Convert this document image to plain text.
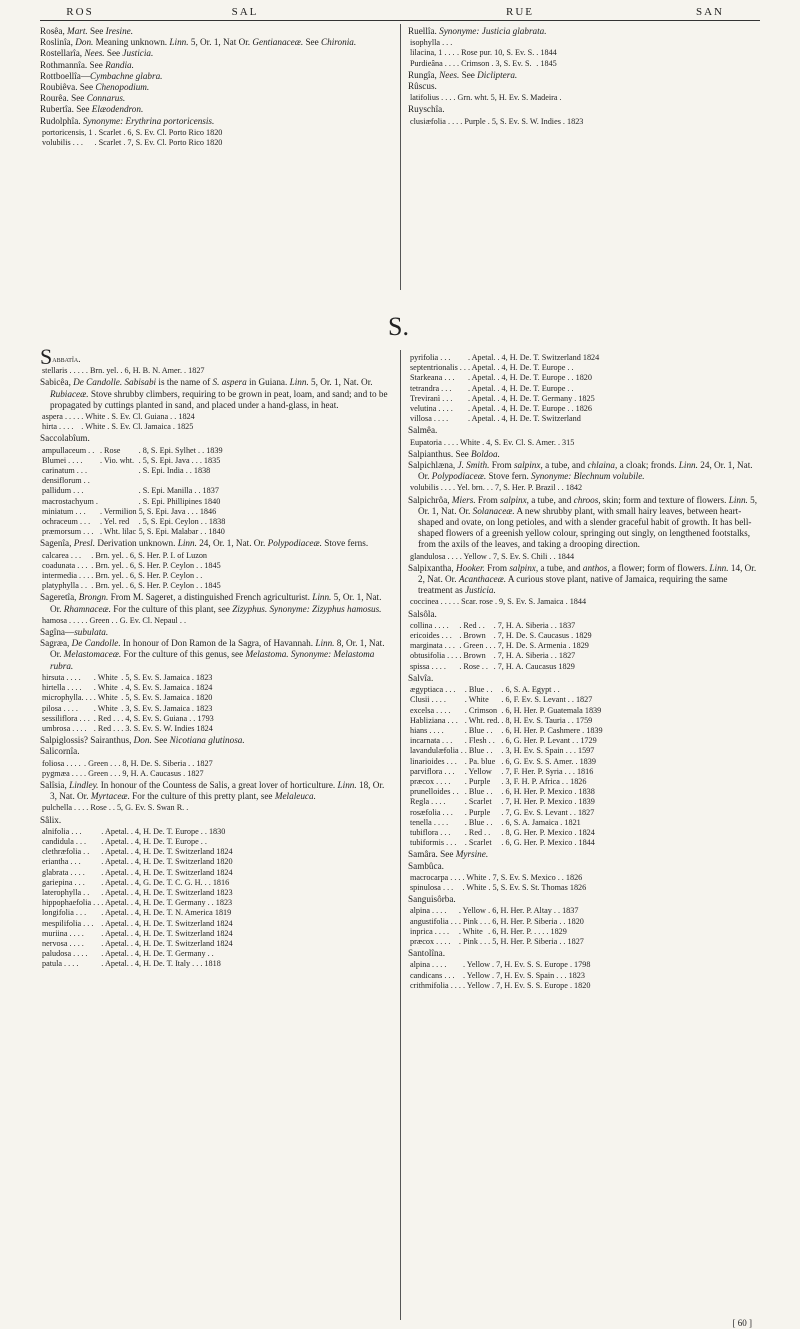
ROS	SAL	RUE	SAN

Rosêa, Mart. See Iresine.

Roslinîa, Don. Meaning unknown. Linn. 5, Or. 1, Nat Or. Gentianaceæ. See Chironia.

Rostellarîa, Nees. See Justicia.

Rothmannîa. See Randia.

Rottboellîa—Cymbachne glabra.

Roubiêva. See Chenopodium.

Rourêa. See Connarus.

Rubertîa. See Elæodendron.

Rudolphîa. Synonyme: Erythrina portoricensis.

portoricensis, 1	. Scarlet	. 6, S. Ev. Cl. Porto Rico 1820
volubilis . . .	. Scarlet	. 7, S. Ev. Cl. Porto Rico 1820

Ruellîa. Synonyme: Justicia glabrata.

isophylla . . .		
lilacina, 1 . . .	. Rose pur. 10, S. Ev. S.	. 1844
Purdieâna . . .	. Crimson . 3, S. Ev. S.	. 1845

Rungîa, Nees. See Dicliptera.

Rûscus.

latifolius . . .	. Grn. wht. 5, H. Ev. S. Madeira	.

Ruyschîa.

clusiæfolia . . .	. Purple . 5, S. Ev. S. W. Indies	. 1823
S.

Sabbatîa.

stellaris . . . .	. Brn. yel. . 6, H.	B. N. Amer. . 1827

Sabicêa, De Candolle. Sabisabi is the name of S. aspera in Guiana. Linn. 5, Or. 1, Nat. Or. Rubiaceæ. Stove shrubby climbers, requiring to be grown in peat, loam, and sand; and to be propagated by cuttings planted in sand, and placed under a hand-glass, in heat.

aspera . . . .	. White	. S. Ev. Cl. Guiana . . 1824
hirta . . . .	. White	. S. Ev. Cl. Jamaica . 1825

Saccolabîum.

ampullaceum . .	. Rose	. 8, S. Epi. Sylhet . . 1839
Blumei . . . .	. Vio. wht.	. 5, S. Epi. Java . . . 1835
carinatum . . .		. S. Epi. India . . 1838
densiflorum . .		
pallidum . . .		. S. Epi. Manilla . . 1837
macrostachyum .		. S. Epi. Phillipines 1840
miniatum . . .	. Vermilion	5, S. Epi. Java . . . 1846
ochraceum . . .	. Yel. red	. 5, S. Epi. Ceylon . . 1838
præmorsum . . .	. Wht. lilac	5, S. Epi. Malabar . . 1840

Sagenîa, Presl. Derivation unknown. Linn. 24, Or. 1, Nat. Or. Polypodiaceæ. Stove ferns.

calcarea . . .	. Brn. yel.	. 6, S. Her. P. I. of Luzon
coadunata . . .	. Brn. yel.	. 6, S. Her. P. Ceylon . . 1845
intermedia . . .	. Brn. yel.	. 6, S. Her. P. Ceylon . .
platyphylla . .	. Brn. yel.	. 6, S. Her. P. Ceylon . . 1845

Sageretîa, Brongn. From M. Sageret, a distinguished French agriculturist. Linn. 5, Or. 1, Nat. Or. Rhamnaceæ. For the culture of this plant, see Zizyphus. Synonyme: Zizyphus hamosus.

hamosa . . . .	. Green . .	G. Ev. Cl. Nepaul . .

Sagîna—subulata.

Sagræa, De Candolle. In honour of Don Ramon de la Sagra, of Havannah. Linn. 8, Or. 1, Nat. Or. Melastomaceæ. For the culture of this genus, see Melastoma. Synonyme: Melastoma rubra.

hirsuta . . . .	. White	. 5, S. Ev. S. Jamaica . 1823
hirtella . . . .	. White	. 4, S. Ev. S. Jamaica . 1824
microphylla. . .	. White	. 5, S. Ev. S. Jamaica . 1820
pilosa . . . .	. White	. 3, S. Ev. S. Jamaica . 1823
sessiliflora . . .	. Red . .	. 4, S. Ev. S. Guiana . . 1793
umbrosa . . . .	. Red . .	. 3. S. Ev. S. W. Indies 1824

Salpiglossis? Sairanthus, Don. See Nicotiana glutinosa.

Salicornîa.

foliosa . . . .	. Green . .	. 8, H. De. S. Siberia . . 1827
pygmæa . . .	. Green . .	. 9, H. A. Caucasus . 1827

Salîsia, Lindley. In honour of the Countess de Salis, a great lover of horticulture. Linn. 18, Or. 3, Nat. Or. Myrtaceæ. For the culture of this pretty plant, see Melaleuca.

pulchella . . .	. Rose .	. 5, G. Ev. S. Swan R. .

Sâlix.

alnifolia . . .	. Apetal.	. 4, H. De. T. Europe . . 1830
candidula . . .	. Apetal.	. 4, H. De. T. Europe . .
clethræfolia . .	. Apetal.	. 4, H. De. T. Switzerland 1824
eriantha . . .	. Apetal.	. 4, H. De. T. Switzerland 1820
glabrata . . . .	. Apetal.	. 4, H. De. T. Switzerland 1824
gariepina . . .	. Apetal.	. 4, G. De. T. C. G. H. . . 1816
laterophylla . .	. Apetal.	. 4, H. De. T. Switzerland 1823
hippophaefolia . .	. Apetal.	. 4, H. De. T. Germany . . 1823
longifolia . . .	. Apetal.	. 4, H. De. T. N. America 1819
mespilifolia . . .	. Apetal.	. 4, H. De. T. Switzerland 1824
muriina . . . .	. Apetal.	. 4, H. De. T. Switzerland 1824
nervosa . . . .	. Apetal.	. 4, H. De. T. Switzerland 1824
paludosa . . . .	. Apetal.	. 4, H. De. T. Germany . .
patula . . . .	. Apetal.	. 4, H. De. T. Italy . . . 1818
pyrifolia . . .	. Apetal.	. 4, H. De. T. Switzerland 1824
septentrionalis . .	. Apetal.	. 4, H. De. T. Europe . .
Starkeana . . .	. Apetal.	. 4, H. De. T. Europe . . 1820
tetrandra . . .	. Apetal.	. 4, H. De. T. Europe . .
Treviranì . . .	. Apetal.	. 4, H. De. T. Germany . 1825
velutina . . . .	. Apetal.	. 4, H. De. T. Europe . . 1826
villosa . . . .	. Apetal.	. 4, H. De. T. Switzerland

Salmêa.

Eupatoria . . .	. White	. 4, S. Ev. Cl. S. Amer. . 315

Salpianthus. See Boldoa.

Salpichlæna, J. Smith. From salpinx, a tube, and chlaina, a cloak; fronds. Linn. 24, Or. 1, Nat. Or. Polypodiaceæ. Stove fern. Synonyme: Blechnum volubile.

volubilis . . .	. Yel. brn. .	. 7, S. Her. P. Brazil . . 1842

Salpichrôa, Miers. From salpinx, a tube, and chroos, skin; form and texture of flowers. Linn. 5, Or. 1, Nat. Or. Solanaceæ. A new shrubby plant, with small hairy leaves, between heart-shaped and ovate, on long petioles, and with a slender graceful habit of growth. It has bell-shaped flowers of a greenish yellow colour, springing out singly, on lengthened footstalks, from the axils of the leaves, and taking a drooping direction.

glandulosa . . .	. Yellow	. 7, S. Ev. S. Chili . . 1844

Salpixantha, Hooker. From salpinx, a tube, and anthos, a flower; form of flowers. Linn. 14, Or. 2, Nat. Or. Acanthaceæ. A curious stove plant, native of Jamaica, requiring the same treatment as Justicia.

coccinea . . . .	. Scar. rose	. 9, S. Ev. S. Jamaica . 1844

Salsôla.

collina . . . .	. Red . .	. 7, H. A. Siberia . . 1837
ericoides . . .	. Brown	. 7, H. De. S. Caucasus . 1829
marginata . . .	. Green . .	. 7, H. De. S. Armenia . 1829
obtusifolia . . .	. Brown	. 7, H. A. Siberia . . 1827
spissa . . . .	. Rose . .	. 7, H. A. Caucasus 1829

Salvîa.

ægyptiaca . . .	. Blue . .	. 6, S. A. Egypt . .
Clusii . . . .	. White	. 6, F. Ev. S. Levant . . 1827
excelsa . . . .	. Crimson	. 6, H. Her. P. Guatemala 1839
Habliziana . . .	. Wht. red.	. 8, H. Ev. S. Tauria . . 1759
hians . . . .	. Blue . .	. 6, H. Her. P. Cashmere . 1839
incarnata . . .	. Flesh . .	. 6, G. Her. P. Levant . . 1729
lavandulæfolia .	. Blue . .	. 3, H. Ev. S. Spain . . . 1597
linarioides . . .	. Pa. blue	. 6, G. Ev. S. S. Amer. . 1839
parviflora . . .	. Yellow	. 7, F. Her. P. Syria . . . 1816
præcox . . . .	. Purple	. 3, F. H. P. Africa . . 1826
prunelloides . .	. Blue . .	. 6, H. Her. P. Mexico . 1838
Regla . . . .	. Scarlet	. 7, H. Her. P. Mexico . 1839
rosæfolia . . .	. Purple	. 7, G. Ev. S. Levant . . 1827
tenella . . . .	. Blue . .	. 6, S. A. Jamaica . 1821
tubiflora . . .	. Red . .	. 8, G. Her. P. Mexico . 1824
tubiformis . . .	. Scarlet	. 6, G. Her. P. Mexico . 1844

Samâra. See Myrsine.

Sambûca.

macrocarpa . . .	. White	. 7, S. Ev. S. Mexico . . 1826
spinulosa . . .	. White	. 5, S. Ev. S. St. Thomas 1826

Sanguisôrba.

alpina . . . .	. Yellow	. 6, H. Her. P. Altay . . 1837
angustifolia . .	. Pink . .	. 6, H. Her. P. Siberia . . 1820
inprica . . . .	. White	. 6, H. Her. P. . . . . 1829
præcox . . . .	. Pink . .	. 5, H. Her. P. Siberia . . 1827

Santolîna.

alpina . . . .	. Yellow	. 7, H. Ev. S. S. Europe . 1798
candicans . . .	. Yellow	. 7, H. Ev. S. Spain . . . 1823
crithmifolia . . .	. Yellow	. 7, H. Ev. S. S. Europe . 1820
[ 60 ]
